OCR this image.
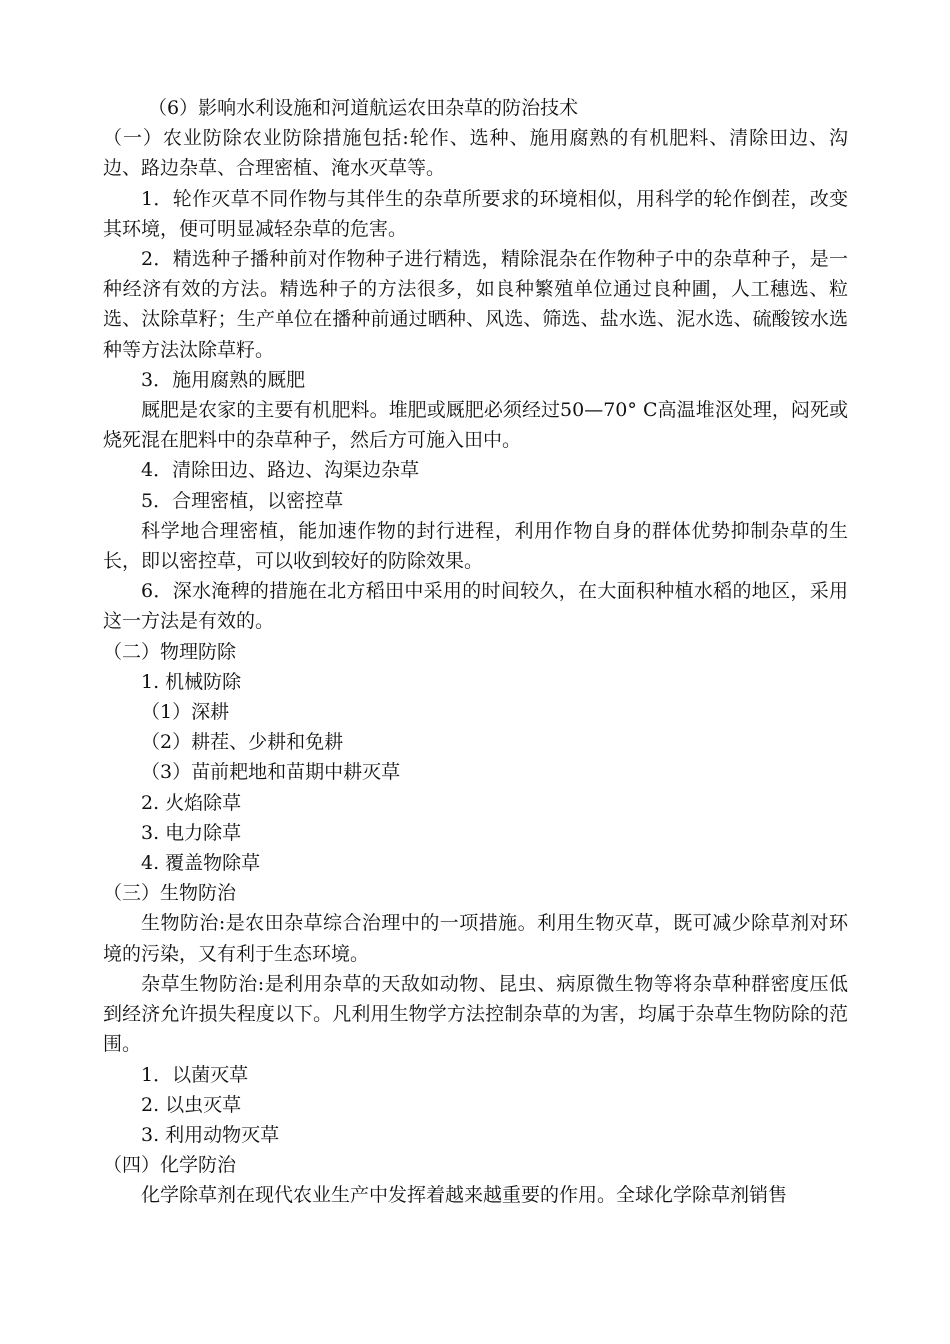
（6）影响水利设施和河道航运农田杂草的防治技术
（一）农业防除农业防除措施包括:轮作、选种、施用腐熟的有机肥料、清除田边、沟边、路边杂草、合理密植、淹水灭草等。
1．轮作灭草不同作物与其伴生的杂草所要求的环境相似，用科学的轮作倒茬，改变其环境，便可明显减轻杂草的危害。
2．精选种子播种前对作物种子进行精选，精除混杂在作物种子中的杂草种子，是一种经济有效的方法。精选种子的方法很多，如良种繁殖单位通过良种圃，人工穗选、粒选、汰除草籽；生产单位在播种前通过晒种、风选、筛选、盐水选、泥水选、硫酸铵水选种等方法汰除草籽。
3．施用腐熟的厩肥
厩肥是农家的主要有机肥料。堆肥或厩肥必须经过50—70° C高温堆沤处理，闷死或烧死混在肥料中的杂草种子，然后方可施入田中。
4．清除田边、路边、沟渠边杂草
5．合理密植，以密控草
科学地合理密植，能加速作物的封行进程，利用作物自身的群体优势抑制杂草的生长，即以密控草，可以收到较好的防除效果。
6．深水淹稗的措施在北方稻田中采用的时间较久，在大面积种植水稻的地区，采用这一方法是有效的。
（二）物理防除
1. 机械防除
（1）深耕
（2）耕茬、少耕和免耕
（3）苗前耙地和苗期中耕灭草
2. 火焰除草
3. 电力除草
4. 覆盖物除草
（三）生物防治
生物防治:是农田杂草综合治理中的一项措施。利用生物灭草，既可减少除草剂对环境的污染，又有利于生态环境。
杂草生物防治:是利用杂草的天敌如动物、昆虫、病原微生物等将杂草种群密度压低到经济允许损失程度以下。凡利用生物学方法控制杂草的为害，均属于杂草生物防除的范围。
1．以菌灭草
2. 以虫灭草
3. 利用动物灭草
（四）化学防治
化学除草剂在现代农业生产中发挥着越来越重要的作用。全球化学除草剂销售
